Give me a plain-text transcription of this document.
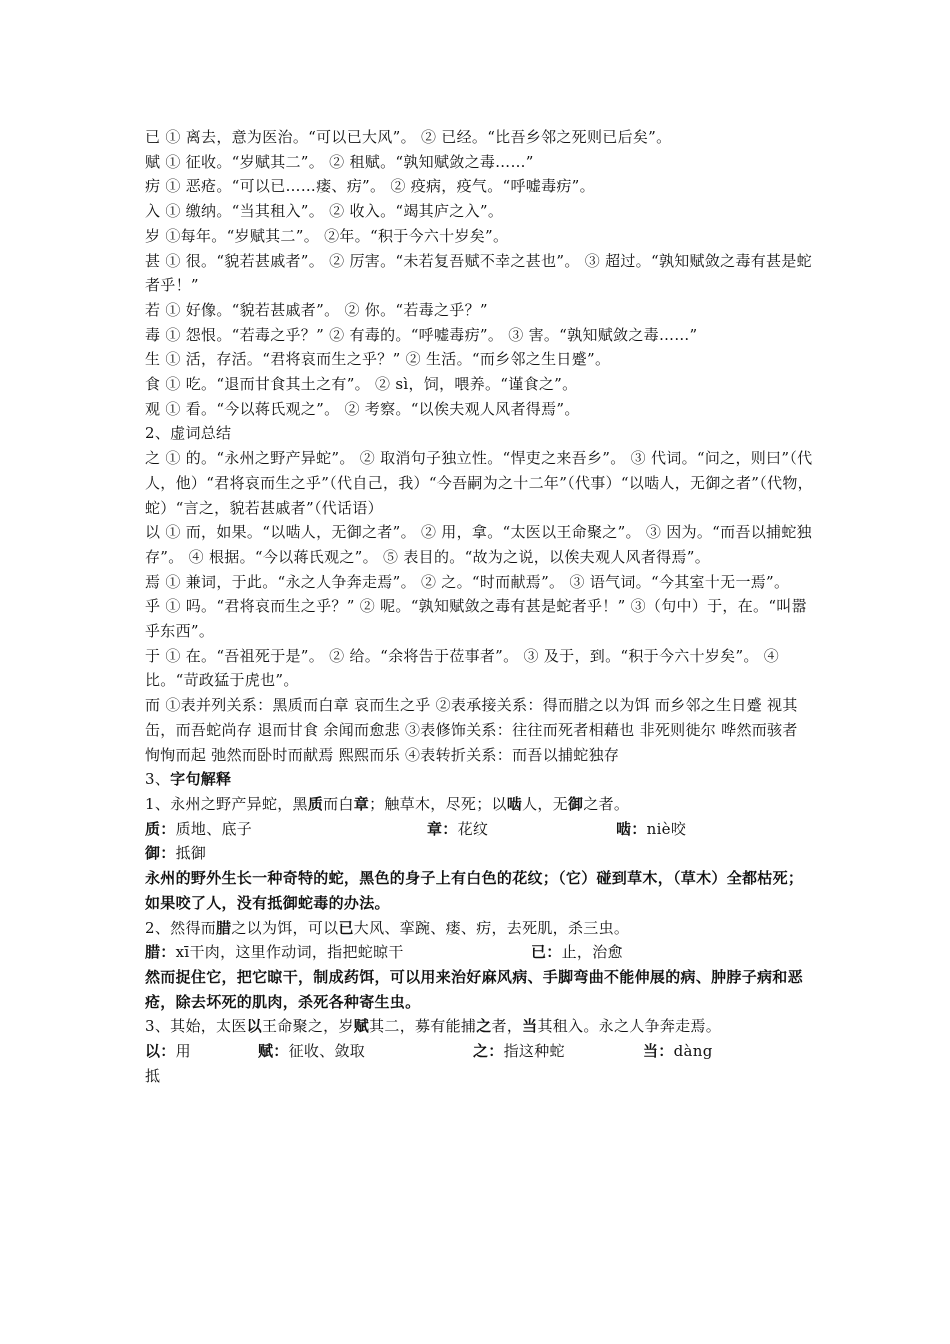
已 ① 离去，意为医治。“可以已大风”。 ② 已经。“比吾乡邻之死则已后矣”。
赋 ① 征收。“岁赋其二”。 ② 租赋。“孰知赋敛之毒……”
疠 ① 恶疮。“可以已……瘘、疠”。 ② 疫病，疫气。“呼嘘毒疠”。
入 ① 缴纳。“当其租入”。 ② 收入。“竭其庐之入”。
岁 ①每年。“岁赋其二”。 ②年。“积于今六十岁矣”。
甚 ① 很。“貌若甚戚者”。 ② 厉害。“未若复吾赋不幸之甚也”。 ③ 超过。“孰知赋敛之毒有甚是蛇者乎！”
若 ① 好像。“貌若甚戚者”。 ② 你。“若毒之乎？”
毒 ① 怨恨。“若毒之乎？” ② 有毒的。“呼嘘毒疠”。 ③ 害。“孰知赋敛之毒……”
生 ① 活，存活。“君将哀而生之乎？” ② 生活。“而乡邻之生日蹙”。
食 ① 吃。“退而甘食其土之有”。 ② sì，饲，喂养。“谨食之”。
观 ① 看。“今以蒋氏观之”。 ② 考察。“以俟夫观人风者得焉”。
2、虚词总结
之 ① 的。“永州之野产异蛇”。 ② 取消句子独立性。“悍吏之来吾乡”。 ③ 代词。“问之，则曰”（代人，他）“君将哀而生之乎”（代自己，我）“今吾嗣为之十二年”（代事）“以啮人，无御之者”（代物，蛇）“言之，貌若甚戚者”（代话语）
以 ① 而，如果。“以啮人，无御之者”。 ② 用，拿。“太医以王命聚之”。 ③ 因为。“而吾以捕蛇独存”。 ④ 根据。“今以蒋氏观之”。 ⑤ 表目的。“故为之说，以俟夫观人风者得焉”。
焉 ① 兼词，于此。“永之人争奔走焉”。 ② 之。“时而献焉”。 ③ 语气词。“今其室十无一焉”。
乎 ① 吗。“君将哀而生之乎？” ② 呢。“孰知赋敛之毒有甚是蛇者乎！” ③（句中）于，在。“叫嚣乎东西”。
于 ① 在。“吾祖死于是”。 ② 给。“余将告于莅事者”。 ③ 及于，到。“积于今六十岁矣”。 ④ 比。“苛政猛于虎也”。
而 ①表并列关系：黑质而白章 哀而生之乎 ②表承接关系：得而腊之以为饵 而乡邻之生日蹙 视其缶，而吾蛇尚存 退而甘食 余闻而愈悲 ③表修饰关系：往往而死者相藉也 非死则徙尔 哗然而骇者 恂恂而起 弛然而卧时而献焉 熙熙而乐 ④表转折关系：而吾以捕蛇独存
3、字句解释
1、永州之野产异蛇，黑质而白章；触草木，尽死；以啮人，无御之者。
质：质地、底子	章：花纹	啮：niè咬
御：抵御
永州的野外生长一种奇特的蛇，黑色的身子上有白色的花纹；（它）碰到草木，（草木）全都枯死；如果咬了人，没有抵御蛇毒的办法。
2、然得而腊之以为饵，可以已大风、挛踠、瘘、疠，去死肌，杀三虫。
腊：xī干肉，这里作动词，指把蛇晾干	已：止，治愈
然而捉住它，把它晾干，制成药饵，可以用来治好麻风病、手脚弯曲不能伸展的病、肿脖子病和恶疮，除去坏死的肌肉，杀死各种寄生虫。
3、其始，太医以王命聚之，岁赋其二，募有能捕之者，当其租入。永之人争奔走焉。
以：用	赋：征收、敛取	之：指这种蛇	当：dàng
抵
